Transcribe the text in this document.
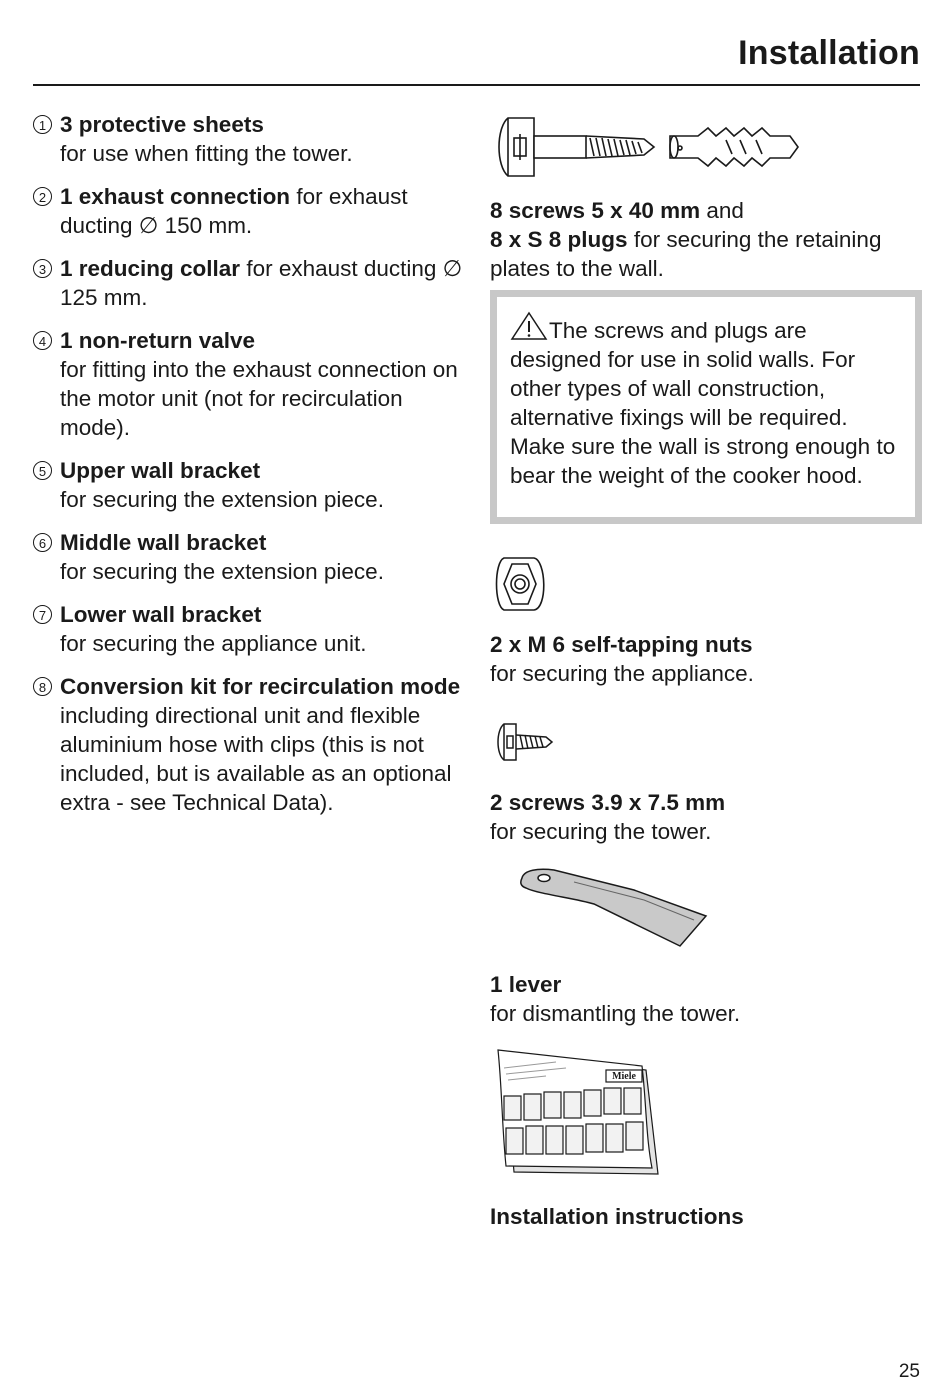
Installation
1 3 protective sheets
for use when fitting the tower.
2 1 exhaust connection for exhaust ducting ∅ 150 mm.
3 1 reducing collar for exhaust ducting ∅ 125 mm.
4 1 non-return valve
for fitting into the exhaust connection on the motor unit (not for recirculation mode).
5 Upper wall bracket
for securing the extension piece.
6 Middle wall bracket
for securing the extension piece.
7 Lower wall bracket
for securing the appliance unit.
8 Conversion kit for recirculation mode
including directional unit and flexible aluminium hose with clips (this is not included, but is available as an optional extra - see Technical Data).
8 screws 5 x 40 mm and
8 x S 8 plugs for securing the retaining plates to the wall.
The screws and plugs are designed for use in solid walls. For other types of wall construction, alternative fixings will be required. Make sure the wall is strong enough to bear the weight of the cooker hood.
2 x M 6 self-tapping nuts
for securing the appliance.
2 screws 3.9 x 7.5 mm
for securing the tower.
1 lever
for dismantling the tower.
Miele
Installation instructions
25
